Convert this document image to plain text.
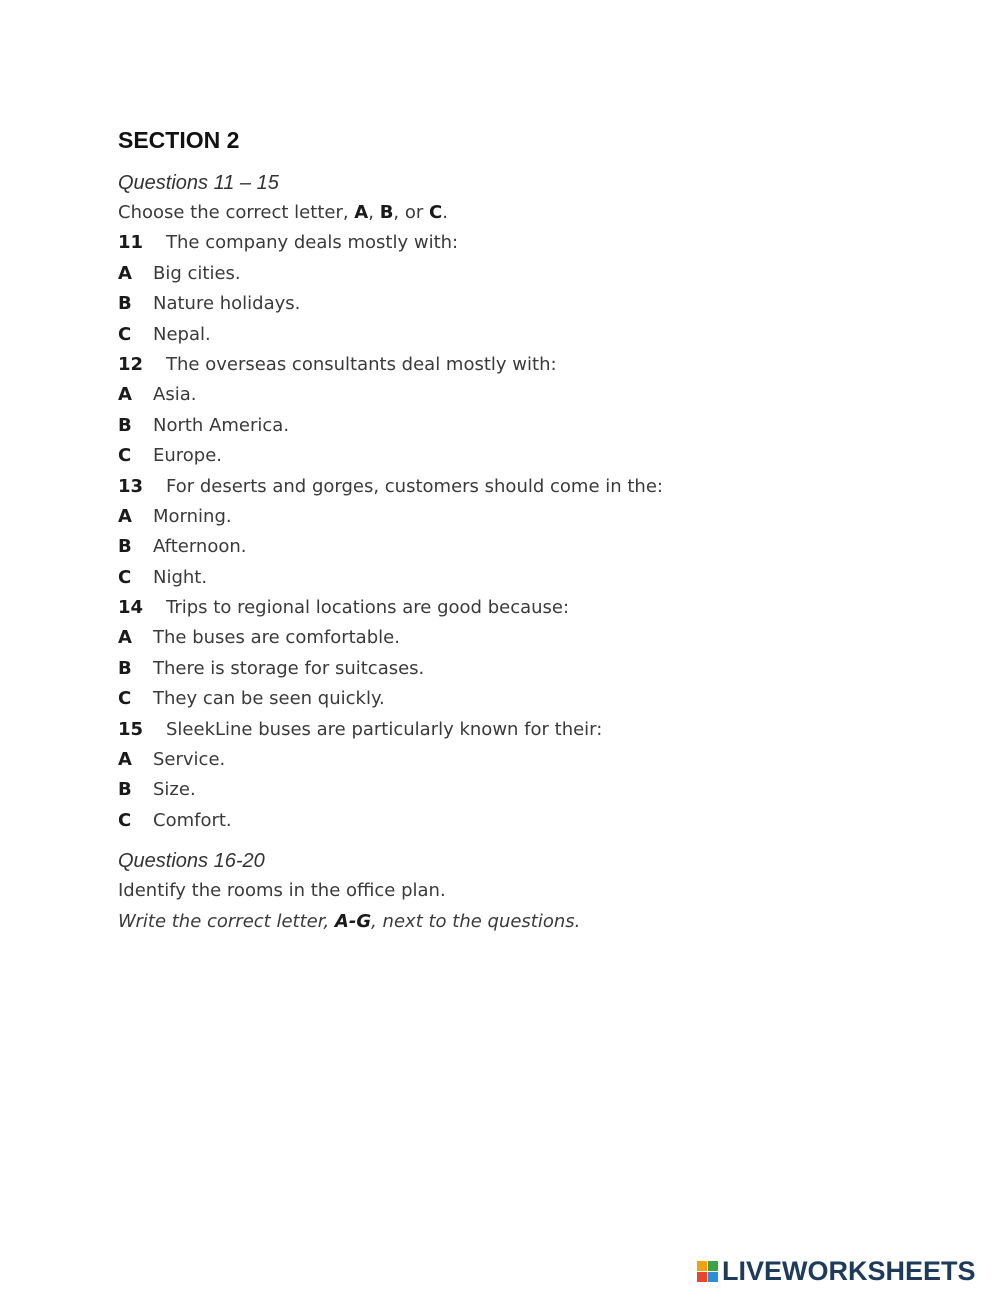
SECTION 2
Questions 11 – 15
Choose the correct letter, A, B, or C.
11 The company deals mostly with:
A Big cities.
B Nature holidays.
C Nepal.
12 The overseas consultants deal mostly with:
A Asia.
B North America.
C Europe.
13 For deserts and gorges, customers should come in the:
A Morning.
B Afternoon.
C Night.
14 Trips to regional locations are good because:
A The buses are comfortable.
B There is storage for suitcases.
C They can be seen quickly.
15 SleekLine buses are particularly known for their:
A Service.
B Size.
C Comfort.
Questions 16-20
Identify the rooms in the office plan.
Write the correct letter, A-G, next to the questions.
LIVEWORKSHEETS
